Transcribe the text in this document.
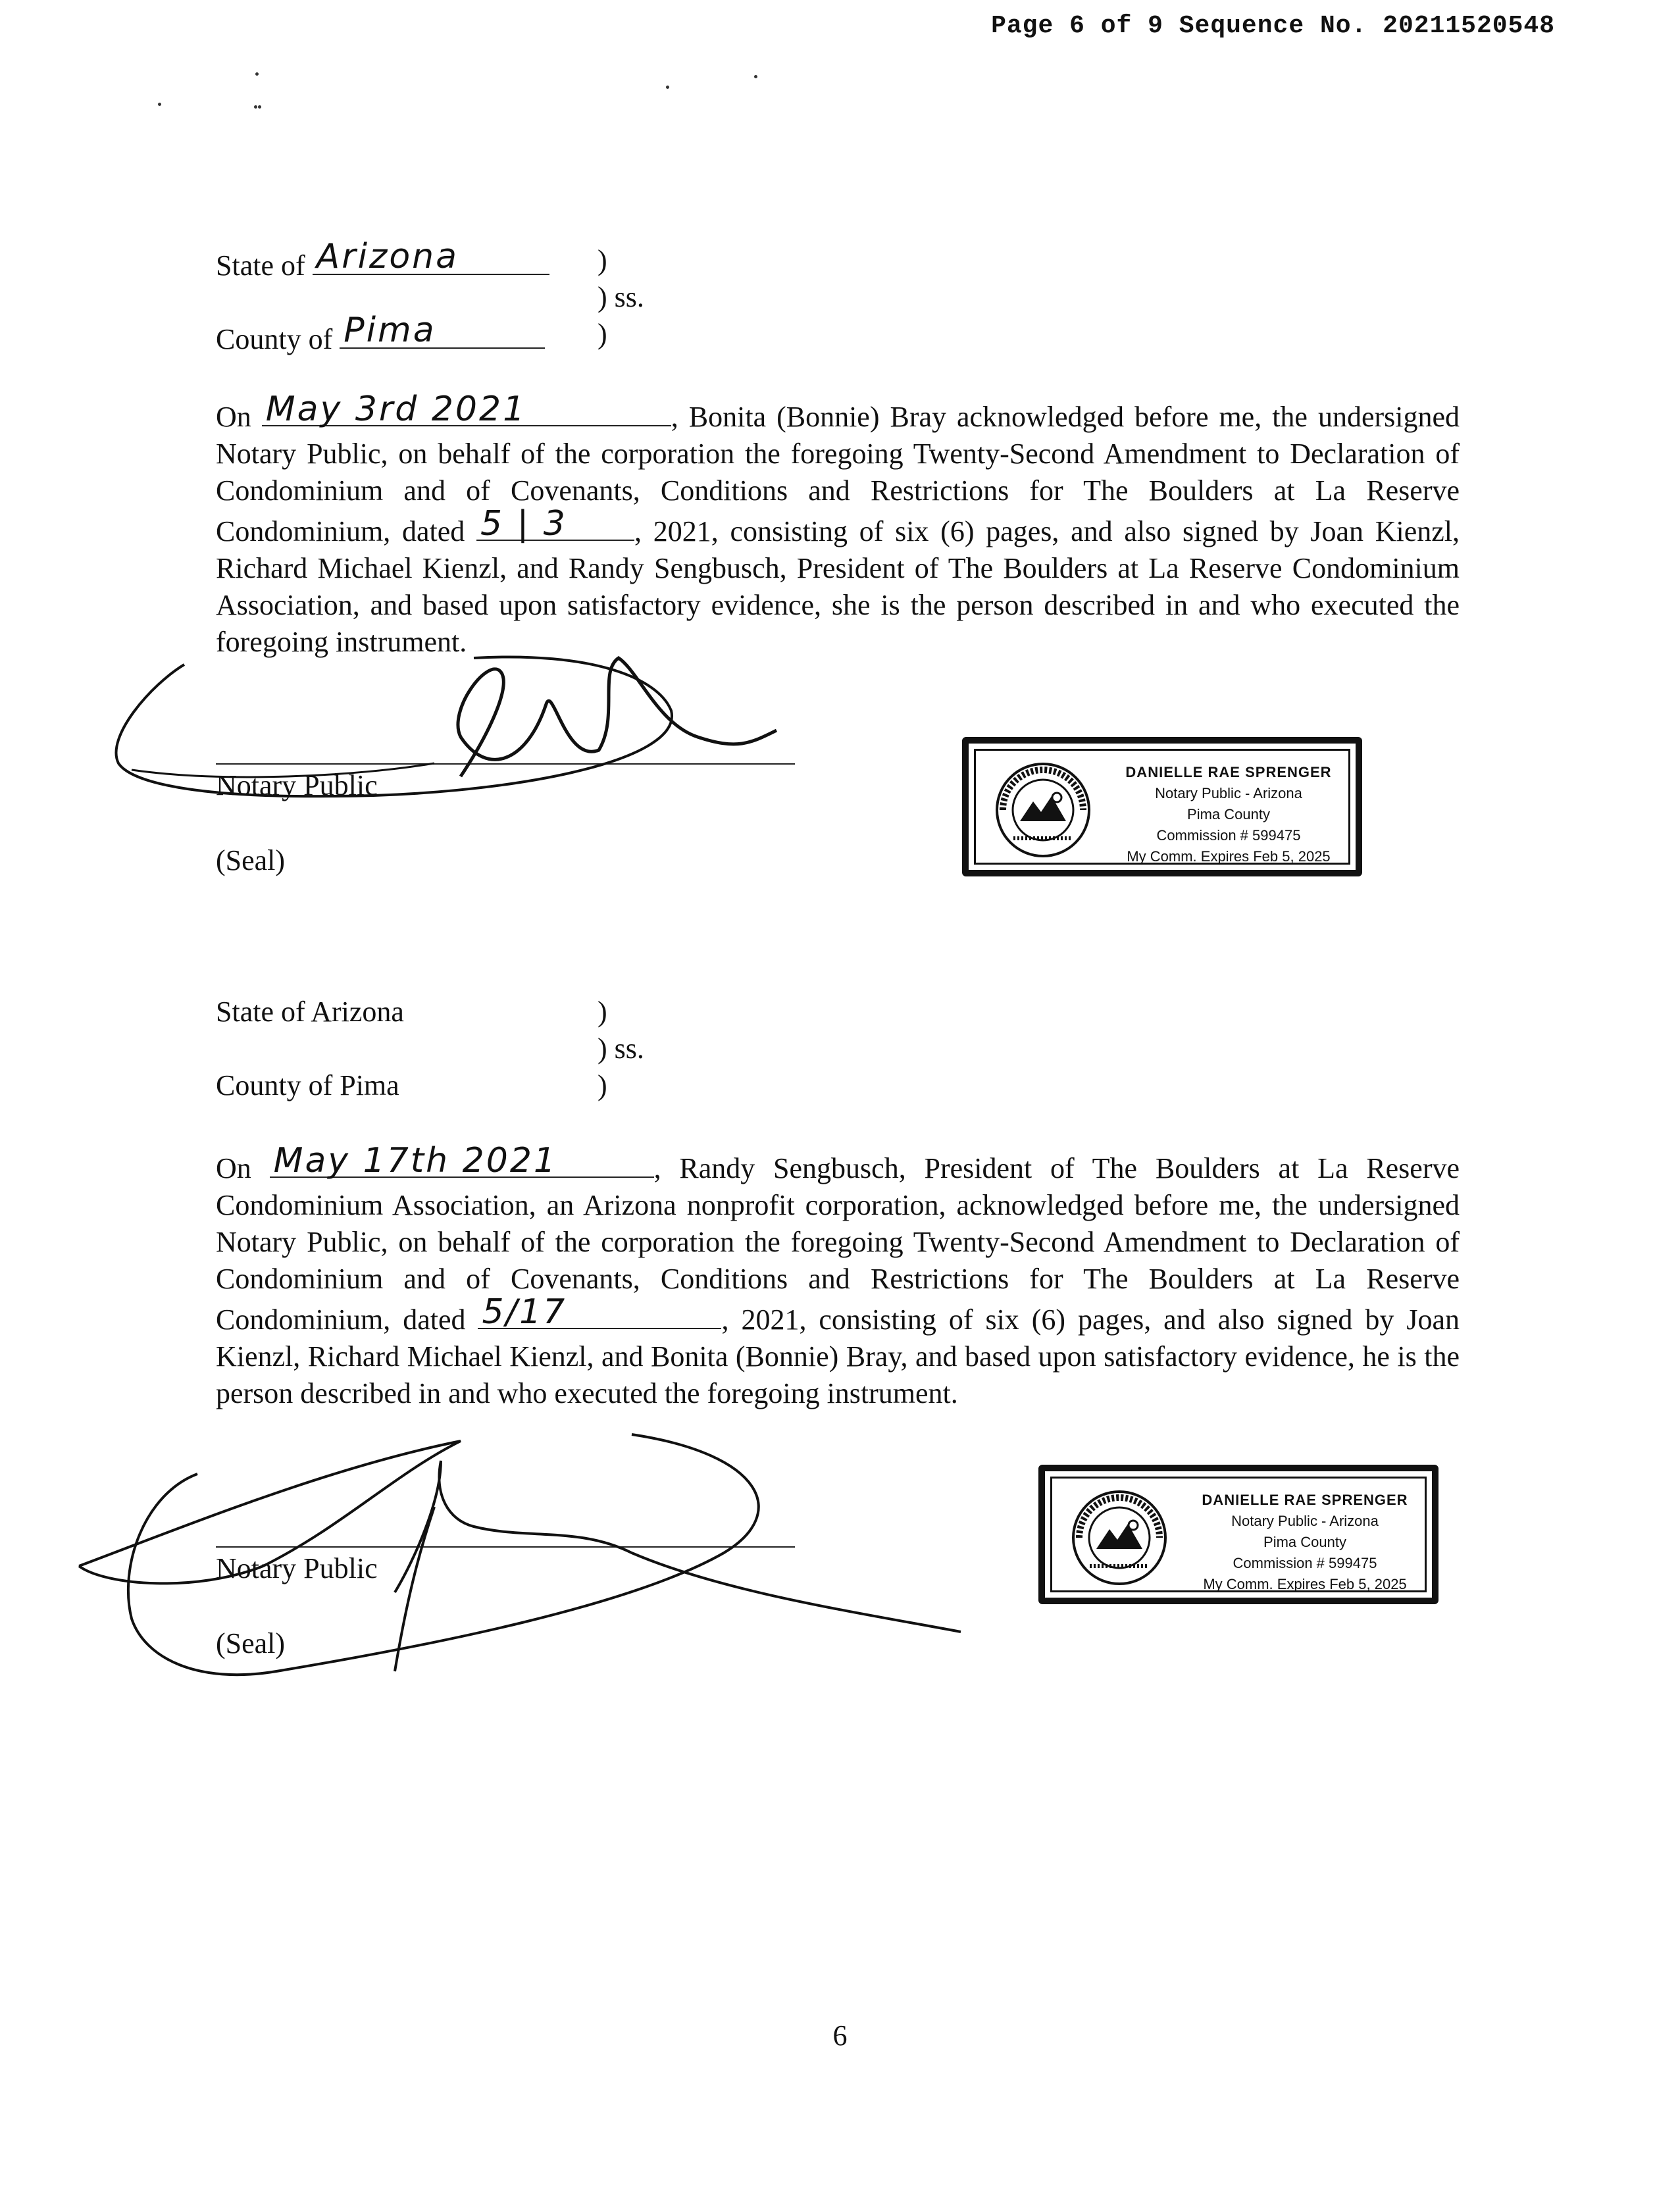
Page 6 of 9 Sequence No. 20211520548
State of Arizona	)
) ss.
County of Pima	)
On May 3rd 2021	, Bonita (Bonnie) Bray acknowledged before me, the undersigned Notary Public, on behalf of the corporation the foregoing Twenty-Second Amendment to Declaration of Condominium and of Covenants, Conditions and Restrictions for The Boulders at La Reserve Condominium, dated 5 | 3 , 2021, consisting of six (6) pages, and also signed by Joan Kienzl, Richard Michael Kienzl, and Randy Sengbusch, President of The Boulders at La Reserve Condominium Association, and based upon satisfactory evidence, she is the person described in and who executed the foregoing instrument.
Notary Public
(Seal)
DANIELLE RAE SPRENGER
Notary Public - Arizona
Pima County
Commission # 599475
My Comm. Expires Feb 5, 2025
State of Arizona	)
) ss.
County of Pima	)
On May 17th 2021	, Randy Sengbusch, President of The Boulders at La Reserve Condominium Association, an Arizona nonprofit corporation, acknowledged before me, the undersigned Notary Public, on behalf of the corporation the foregoing Twenty-Second Amendment to Declaration of Condominium and of Covenants, Conditions and Restrictions for The Boulders at La Reserve Condominium, dated 5/17	, 2021, consisting of six (6) pages, and also signed by Joan Kienzl, Richard Michael Kienzl, and Bonita (Bonnie) Bray, and based upon satisfactory evidence, he is the person described in and who executed the foregoing instrument.
Notary Public
(Seal)
DANIELLE RAE SPRENGER
Notary Public - Arizona
Pima County
Commission # 599475
My Comm. Expires Feb 5, 2025
6
